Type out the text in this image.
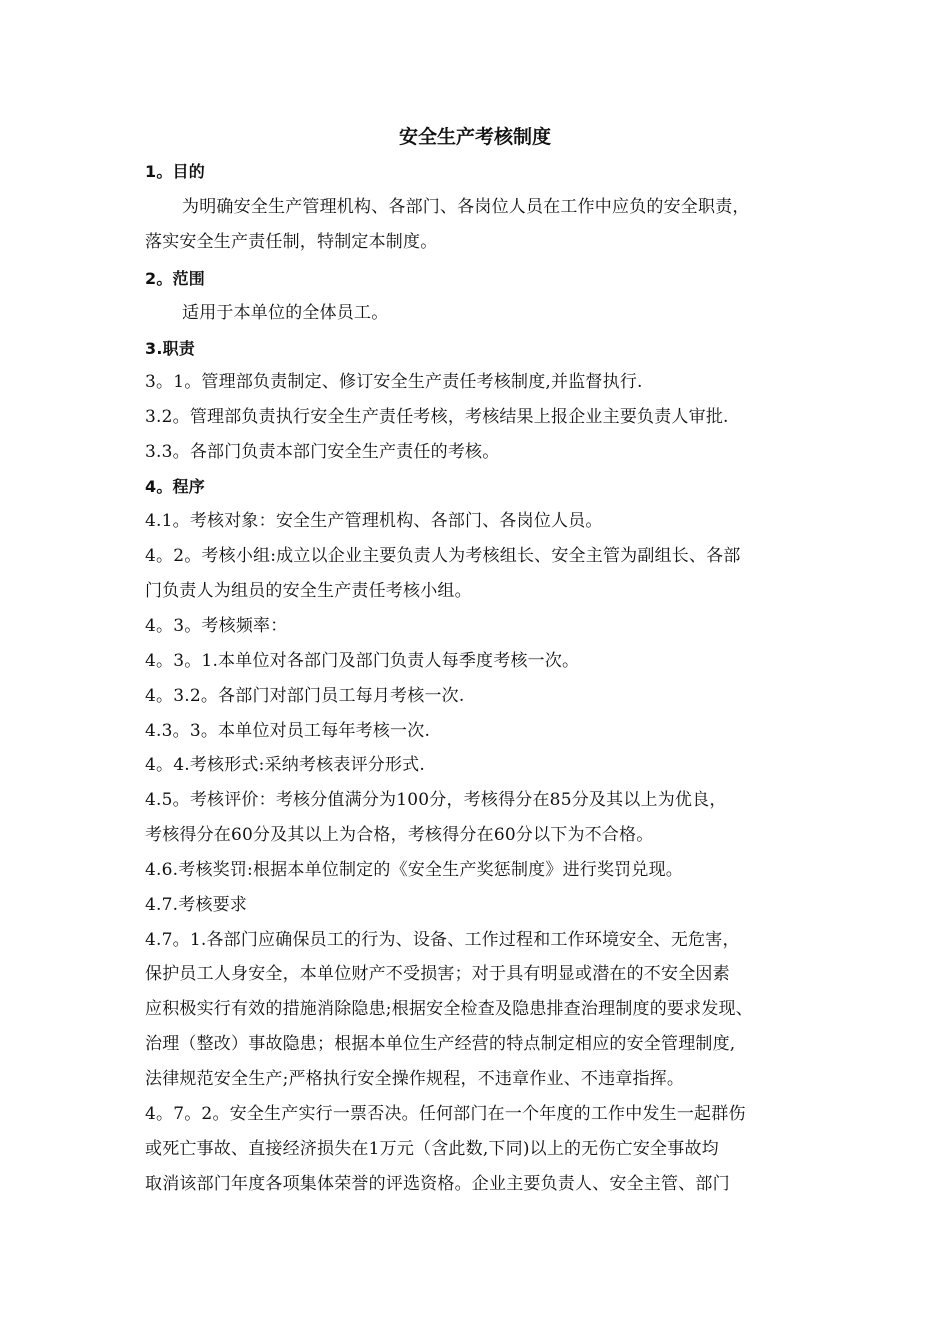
安全生产考核制度
1。目的
为明确安全生产管理机构、各部门、各岗位人员在工作中应负的安全职责，
落实安全生产责任制，特制定本制度。
2。范围
适用于本单位的全体员工。
3.职责
3。1。管理部负责制定、修订安全生产责任考核制度,并监督执行.
3.2。管理部负责执行安全生产责任考核，考核结果上报企业主要负责人审批.
3.3。各部门负责本部门安全生产责任的考核。
4。程序
4.1。考核对象：安全生产管理机构、各部门、各岗位人员。
4。2。考核小组:成立以企业主要负责人为考核组长、安全主管为副组长、各部
门负责人为组员的安全生产责任考核小组。
4。3。考核频率：
4。3。1.本单位对各部门及部门负责人每季度考核一次。
4。3.2。各部门对部门员工每月考核一次.
4.3。3。本单位对员工每年考核一次.
4。4.考核形式:采纳考核表评分形式.
4.5。考核评价：考核分值满分为100分，考核得分在85分及其以上为优良，
考核得分在60分及其以上为合格，考核得分在60分以下为不合格。
4.6.考核奖罚:根据本单位制定的《安全生产奖惩制度》进行奖罚兑现。
4.7.考核要求
4.7。1.各部门应确保员工的行为、设备、工作过程和工作环境安全、无危害，
保护员工人身安全，本单位财产不受损害；对于具有明显或潜在的不安全因素
应积极实行有效的措施消除隐患;根据安全检查及隐患排查治理制度的要求发现、
治理（整改）事故隐患；根据本单位生产经营的特点制定相应的安全管理制度,
法律规范安全生产;严格执行安全操作规程，不违章作业、不违章指挥。
4。7。2。安全生产实行一票否决。任何部门在一个年度的工作中发生一起群伤
或死亡事故、直接经济损失在1万元（含此数,下同)以上的无伤亡安全事故均
取消该部门年度各项集体荣誉的评选资格。企业主要负责人、安全主管、部门
